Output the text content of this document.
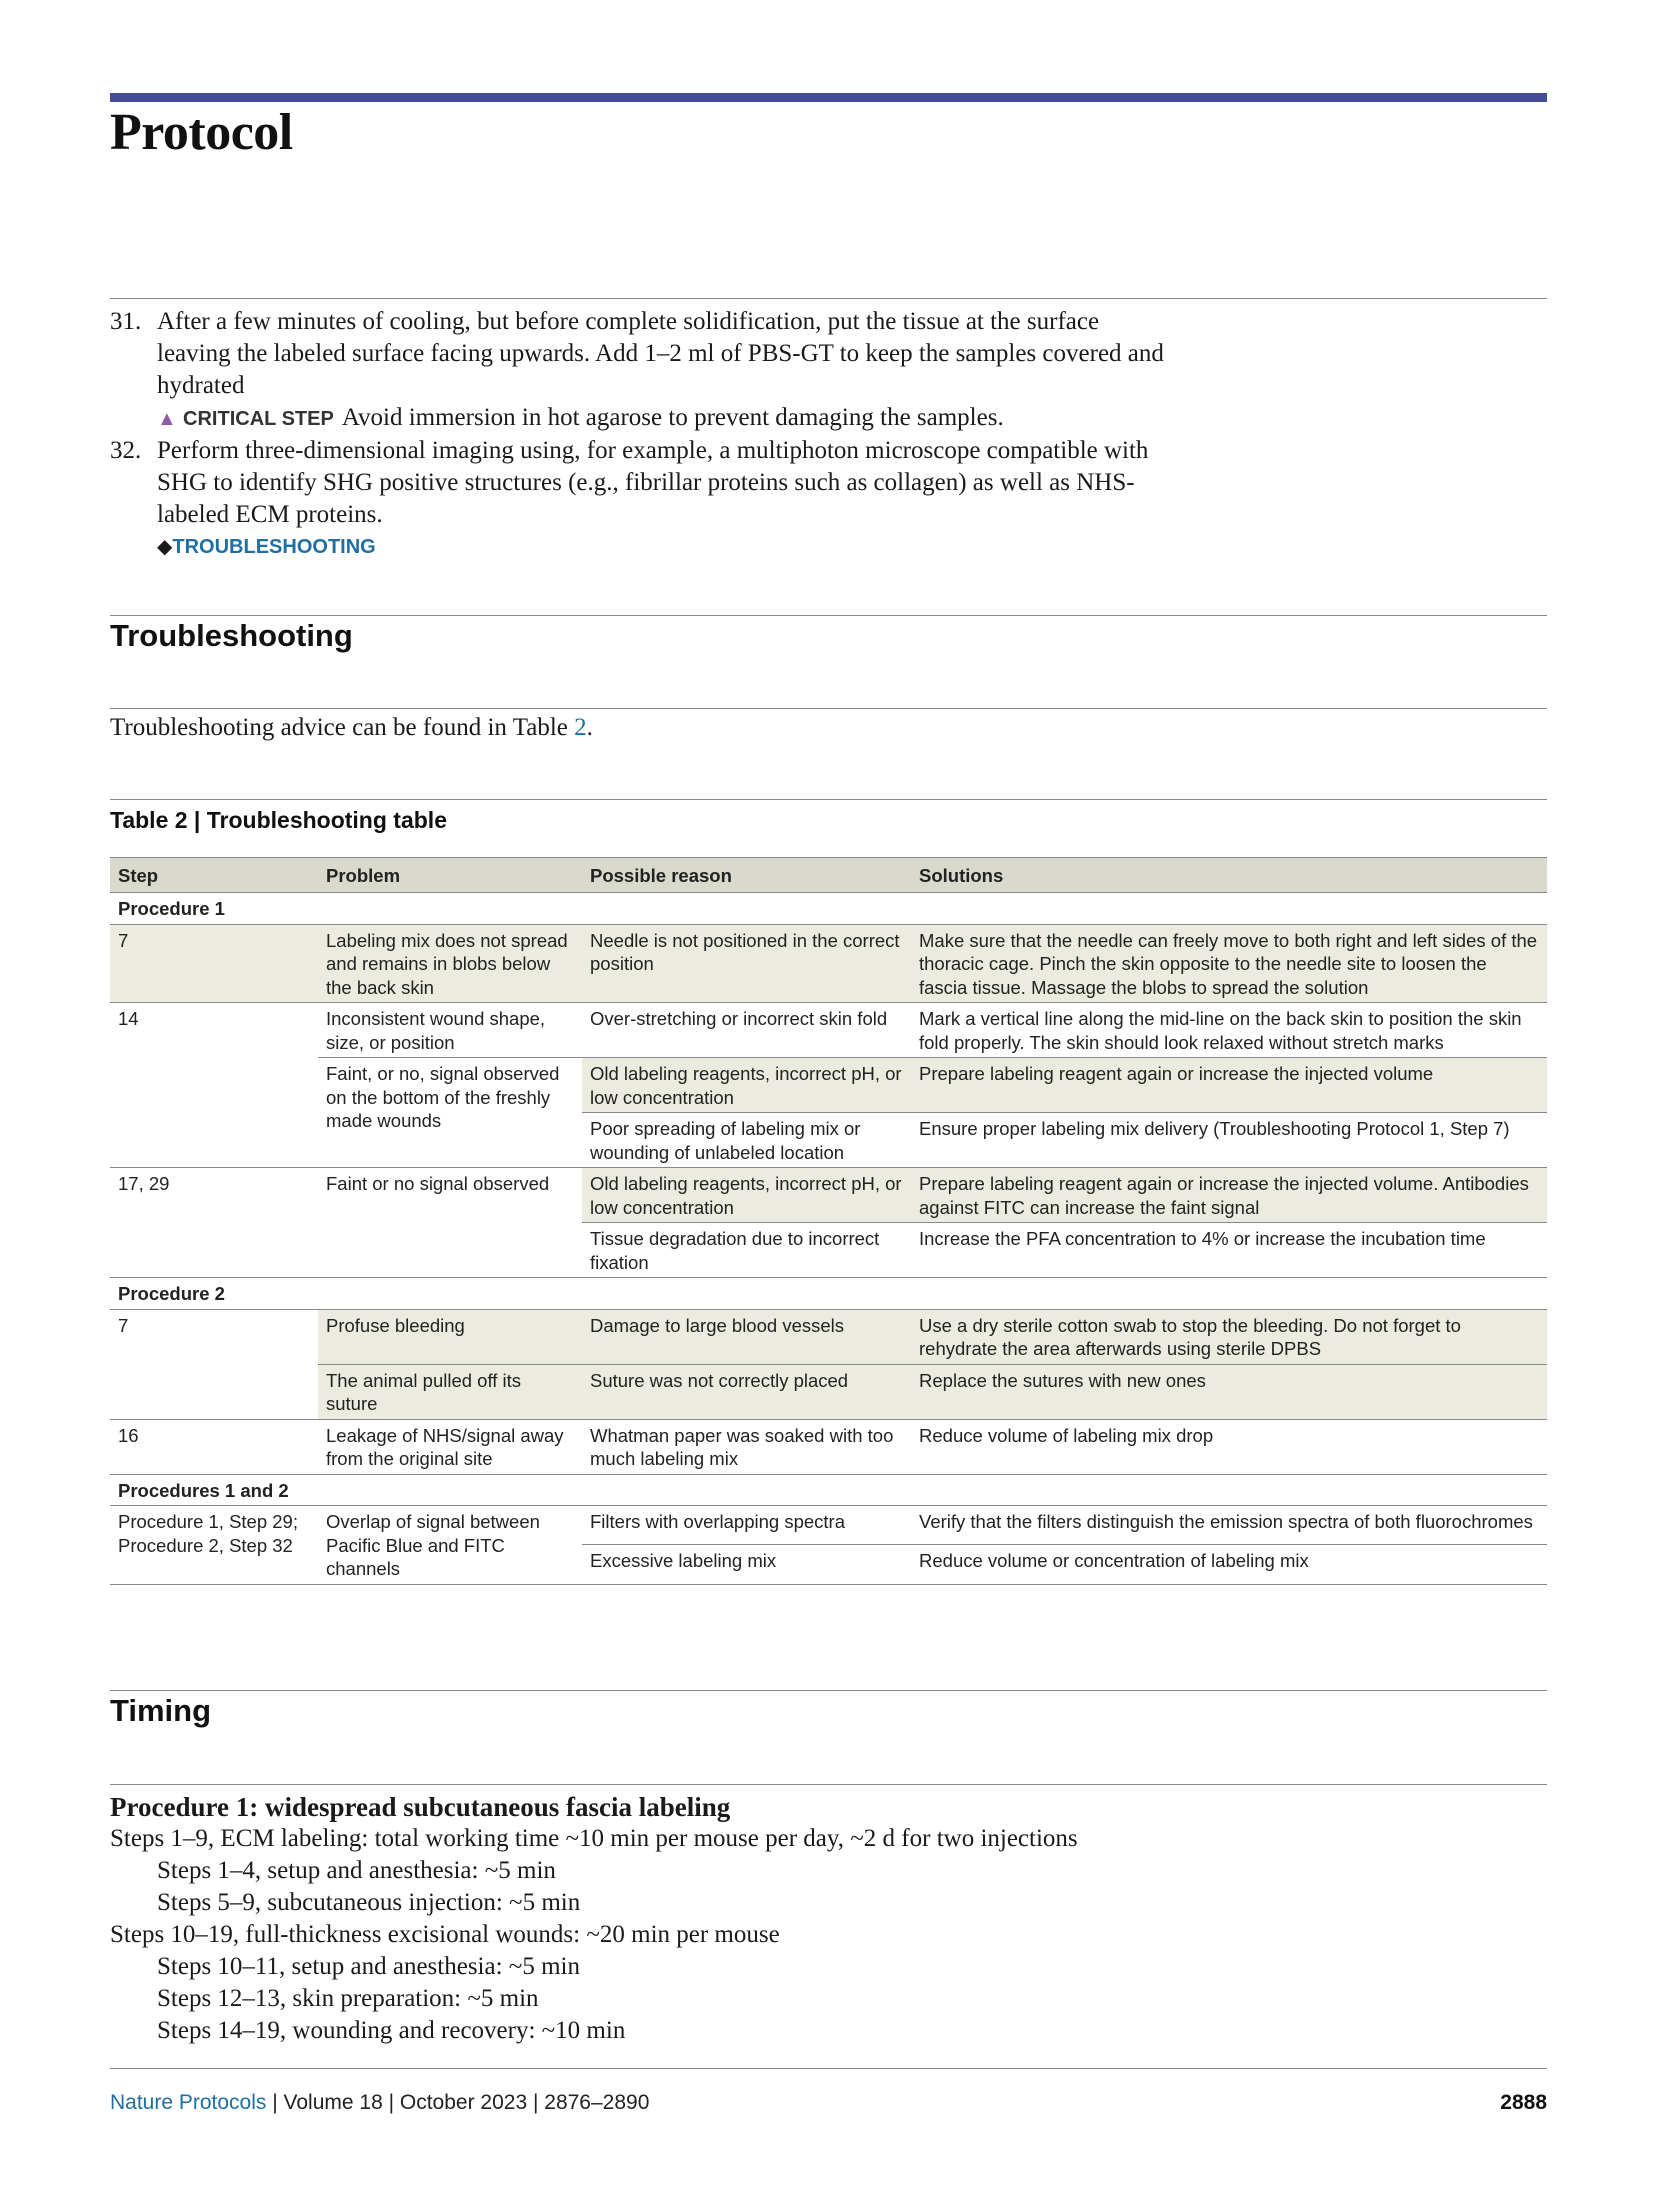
Protocol
31. After a few minutes of cooling, but before complete solidification, put the tissue at the surface leaving the labeled surface facing upwards. Add 1–2 ml of PBS-GT to keep the samples covered and hydrated
▲ CRITICAL STEP Avoid immersion in hot agarose to prevent damaging the samples.
32. Perform three-dimensional imaging using, for example, a multiphoton microscope compatible with SHG to identify SHG positive structures (e.g., fibrillar proteins such as collagen) as well as NHS-labeled ECM proteins.
◆TROUBLESHOOTING
Troubleshooting
Troubleshooting advice can be found in Table 2.
Table 2 | Troubleshooting table
Step	Problem	Possible reason	Solutions
Procedure 1			
7	Labeling mix does not spread and remains in blobs below the back skin	Needle is not positioned in the correct position	Make sure that the needle can freely move to both right and left sides of the thoracic cage. Pinch the skin opposite to the needle site to loosen the fascia tissue. Massage the blobs to spread the solution
14	Inconsistent wound shape, size, or position	Over-stretching or incorrect skin fold	Mark a vertical line along the mid-line on the back skin to position the skin fold properly. The skin should look relaxed without stretch marks
	Faint, or no, signal observed on the bottom of the freshly made wounds	Old labeling reagents, incorrect pH, or low concentration	Prepare labeling reagent again or increase the injected volume
		Poor spreading of labeling mix or wounding of unlabeled location	Ensure proper labeling mix delivery (Troubleshooting Protocol 1, Step 7)
17, 29	Faint or no signal observed	Old labeling reagents, incorrect pH, or low concentration	Prepare labeling reagent again or increase the injected volume. Antibodies against FITC can increase the faint signal
		Tissue degradation due to incorrect fixation	Increase the PFA concentration to 4% or increase the incubation time
Procedure 2			
7	Profuse bleeding	Damage to large blood vessels	Use a dry sterile cotton swab to stop the bleeding. Do not forget to rehydrate the area afterwards using sterile DPBS
	The animal pulled off its suture	Suture was not correctly placed	Replace the sutures with new ones
16	Leakage of NHS/signal away from the original site	Whatman paper was soaked with too much labeling mix	Reduce volume of labeling mix drop
Procedures 1 and 2			
Procedure 1, Step 29; Procedure 2, Step 32	Overlap of signal between Pacific Blue and FITC channels	Filters with overlapping spectra	Verify that the filters distinguish the emission spectra of both fluorochromes
		Excessive labeling mix	Reduce volume or concentration of labeling mix
Timing
Procedure 1: widespread subcutaneous fascia labeling
Steps 1–9, ECM labeling: total working time ~10 min per mouse per day, ~2 d for two injections
Steps 1–4, setup and anesthesia: ~5 min
Steps 5–9, subcutaneous injection: ~5 min
Steps 10–19, full-thickness excisional wounds: ~20 min per mouse
Steps 10–11, setup and anesthesia: ~5 min
Steps 12–13, skin preparation: ~5 min
Steps 14–19, wounding and recovery: ~10 min
Nature Protocols | Volume 18 | October 2023 | 2876–2890	2888
